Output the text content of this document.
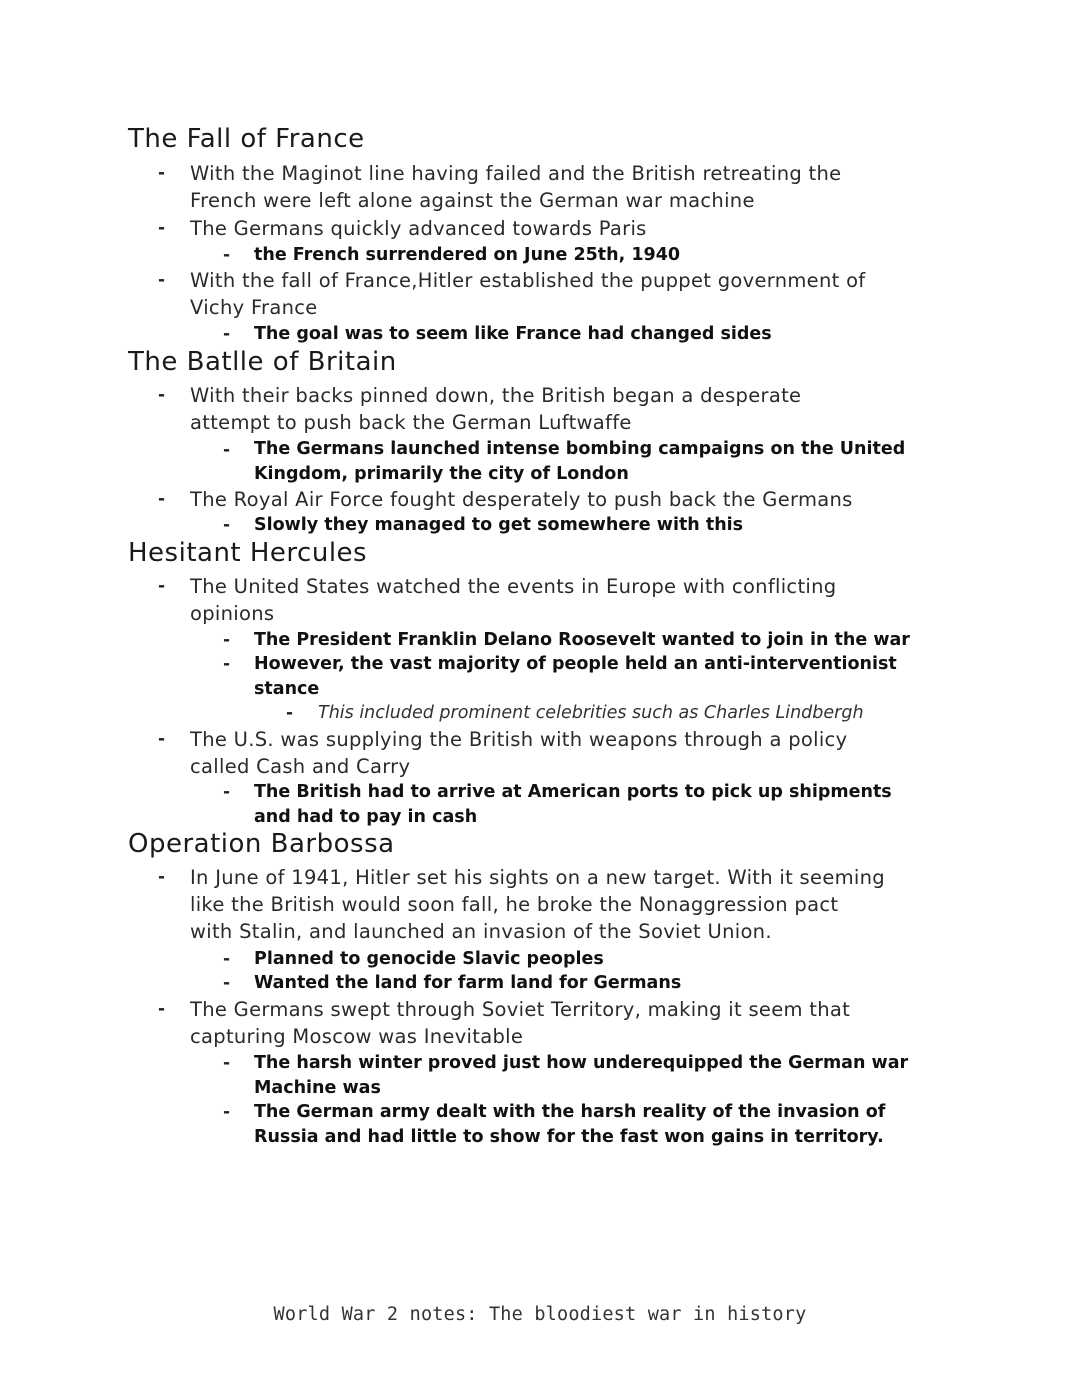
The Fall of France
- With the Maginot line having failed and the British retreating the
French were left alone against the German war machine
- The Germans quickly advanced towards Paris
- the French surrendered on June 25th, 1940
- With the fall of France,Hitler established the puppet government of
Vichy France
- The goal was to seem like France had changed sides
The Batlle of Britain
- With their backs pinned down, the British began a desperate
attempt to push back the German Luftwaffe
- The Germans launched intense bombing campaigns on the United
Kingdom, primarily the city of London
- The Royal Air Force fought desperately to push back the Germans
- Slowly they managed to get somewhere with this
Hesitant Hercules
- The United States watched the events in Europe with conflicting
opinions
- The President Franklin Delano Roosevelt wanted to join in the war
- However, the vast majority of people held an anti-interventionist
stance
- This included prominent celebrities such as Charles Lindbergh
- The U.S. was supplying the British with weapons through a policy
called Cash and Carry
- The British had to arrive at American ports to pick up shipments
and had to pay in cash
Operation Barbossa
- In June of 1941, Hitler set his sights on a new target. With it seeming
like the British would soon fall, he broke the Nonaggression pact
with Stalin, and launched an invasion of the Soviet Union.
- Planned to genocide Slavic peoples
- Wanted the land for farm land for Germans
- The Germans swept through Soviet Territory, making it seem that
capturing Moscow was Inevitable
- The harsh winter proved just how underequipped the German war
Machine was
- The German army dealt with the harsh reality of the invasion of
Russia and had little to show for the fast won gains in territory.
World War 2 notes: The bloodiest war in history
